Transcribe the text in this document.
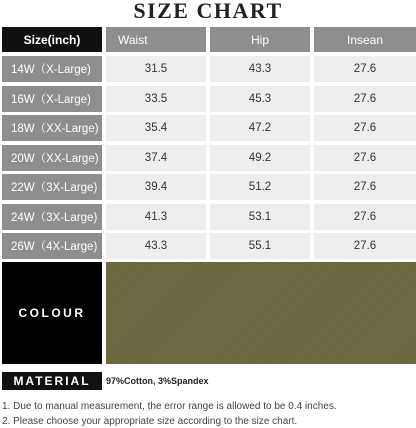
SIZE CHART
Size(inch)	Waist	Hip	Insean
14W（X-Large)	31.5	43.3	27.6
16W（X-Large)	33.5	45.3	27.6
18W（XX-Large)	35.4	47.2	27.6
20W（XX-Large)	37.4	49.2	27.6
22W（3X-Large)	39.4	51.2	27.6
24W（3X-Large)	41.3	53.1	27.6
26W（4X-Large)	43.3	55.1	27.6
COLOUR
MATERIAL	97%Cotton, 3%Spandex
1. Due to manual measurement, the error range is allowed to be 0.4 inches.
2. Please choose your appropriate size according to the size chart.
